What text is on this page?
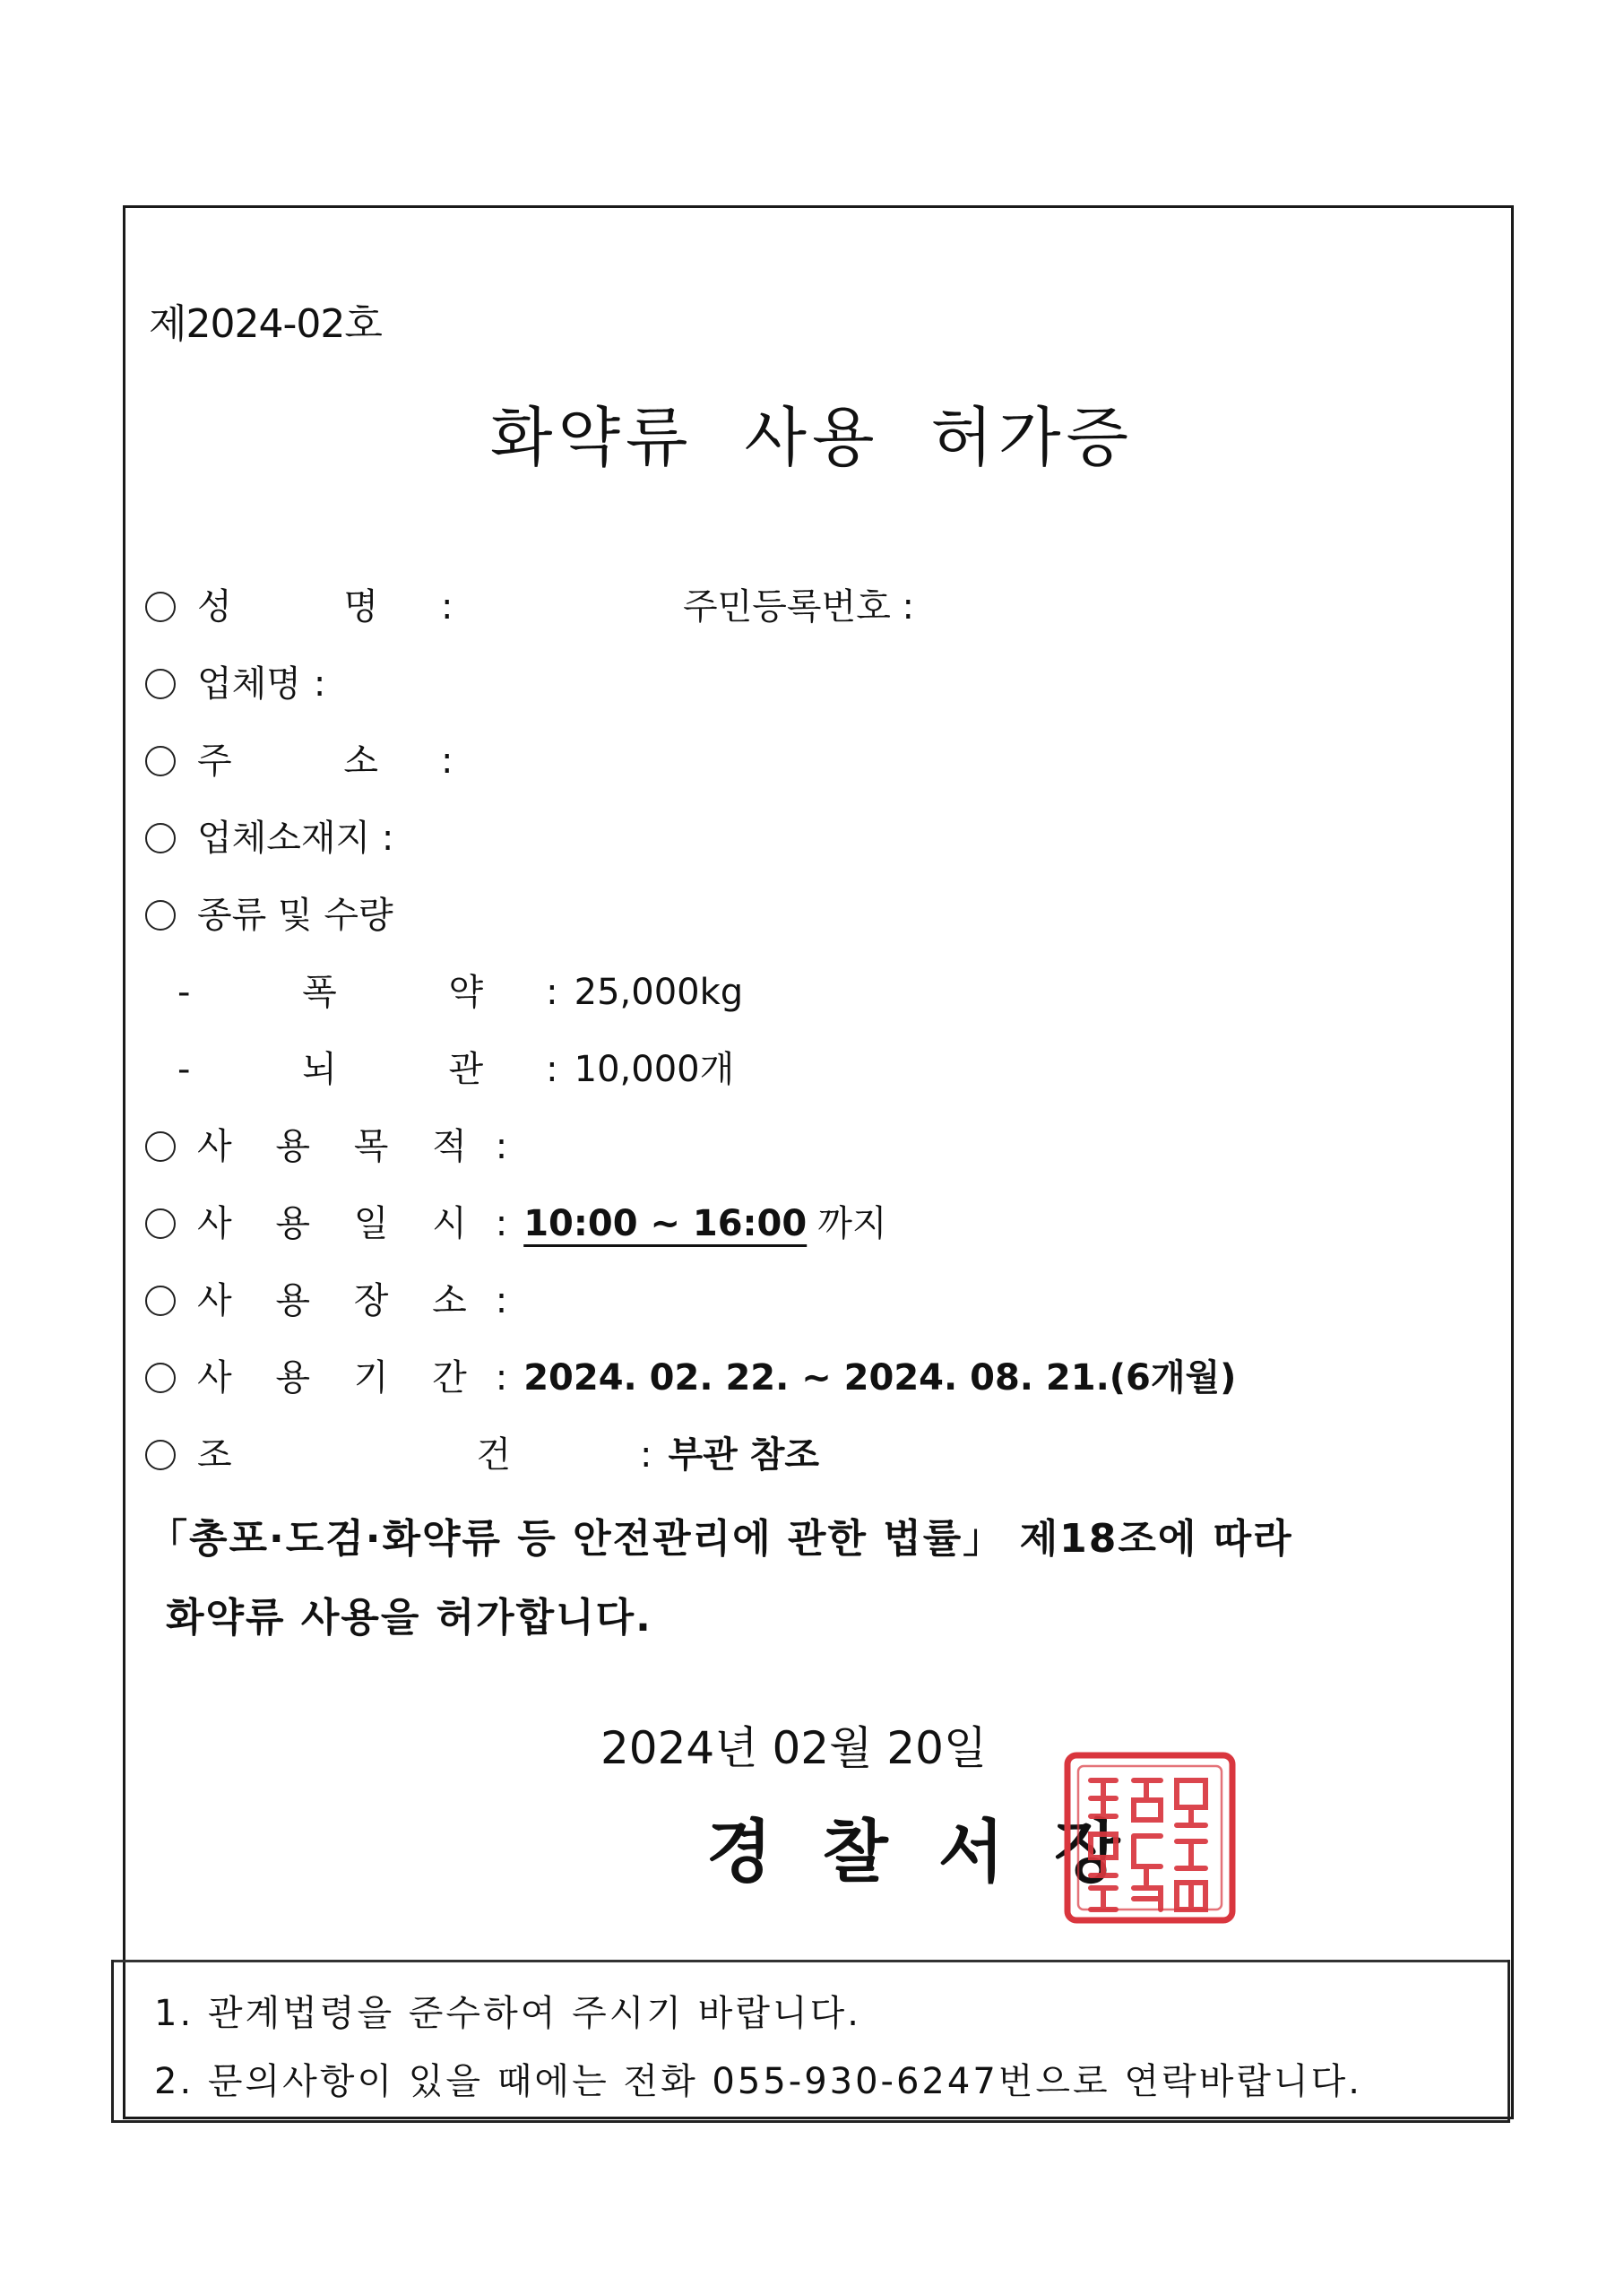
제2024-02호
화약류 사용 허가증
성 명 :	주민등록번호 :
업체명 :
주 소 :
업체소재지 :
종류 및 수량
- 폭 약 : 25,000kg
- 뇌 관 : 10,000개
사 용 목 적 :
사 용 일 시 : 10:00 ~ 16:00 까지
사 용 장 소 :
사 용 기 간 : 2024. 02. 22. ~ 2024. 08. 21.(6개월)
조 건 : 부관 참조
「총포·도검·화약류 등 안전관리에 관한 법률」 제18조에 따라
화약류 사용을 허가합니다.
2024년 02월 20일
경찰서장
1. 관계법령을 준수하여 주시기 바랍니다.
2. 문의사항이 있을 때에는 전화 055-930-6247번으로 연락바랍니다.
